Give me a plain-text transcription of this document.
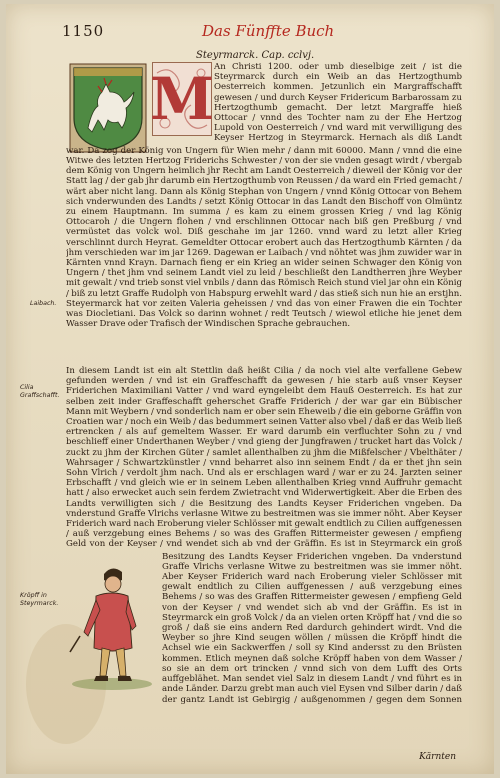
1150	Das Fünffte Buch
Steyrmarck. Cap. cclvj.
M An Christi 1200. oder umb dieselbige zeit / ist die Steyrmarck durch ein Weib an das Hertzogthumb Oesterreich kommen. Jetzunlich ein Margraffschafft gewesen / und durch Keyser Fridericum Barbarossam zu Hertzogthumb gemacht. Der letzt Margraffe hieß Ottocar / vnnd des Tochter nam zu der Ehe Hertzog Lupold von Oesterreich / vnd ward mit verwilligung des Keyser Hertzog in Steyrmarck. Hernach als diß Landt

war. Da zog der König von Ungern für Wien mehr / dann mit 60000. Mann / vnnd die eine Witwe des letzten Hertzog Friderichs Schwester / von der sie vnden gesagt wirdt / vbergab dem König von Ungern heimlich jhr Recht am Landt Oesterreich / dieweil der König vor der Statt lag / der gab jhr darumb ein Hertzogthumb von Reussen / da ward ein Fried gemacht / wärt aber nicht lang. Dann als König Stephan von Ungern / vnnd König Ottocar von Behem sich vnderwunden des Landts / setzt König Ottocar in das Landt den Bischoff von Olmüntz zu einem Hauptmann. Im summa / es kam zu einem grossen Krieg / vnd lag König Ottocaroh / die Ungern flohen / vnd erschlinnen Ottocar nach biß gen Preßburg / vnd vermüstet das volck wol. Diß geschahe im jar 1260. vnnd ward zu letzt aller Krieg verschlinnt durch Heyrat. Gemeldter Ottocar erobert auch das Hertzogthumb Kärnten / da jhm verschieden war im jar 1269. Dagewan er Laibach / vnd nöhtet was jhm zuwider war in Kärnten vnnd Krayn. Darnach fieng er ein Krieg an wider seinen Schwager den König von Ungern / thet jhm vnd seinem Landt viel zu leid / beschließt den Landtherren jhre Weyber mit gewalt / vnd trieb sonst viel vnbils / dann das Römisch Reich stund viel jar ohn ein König / biß zu letzt Graffe Rudolph von Habspurg erwehlt ward / das stieß sich nun hie an erstjhn. Steyermarck hat vor zeiten Valeria geheissen / vnd das von einer Frawen die ein Tochter was Diocletiani. Das Volck so darinn wohnet / redt Teutsch / wiewol etliche hie jenet dem Wasser Drave oder Trafisch der Windischen Sprache gebrauchen.

Laibach.

In diesem Landt ist ein alt Stettlin daß heißt Cilia / da noch viel alte verfallene Gebew gefunden werden / vnd ist ein Graffeschafft da gewesen / hie starb auß vnser Keyser Friderichen Maximiliani Vatter / vnd ward eyngeleibt dem Hauß Oesterreich. Es hat zur selben zeit inder Graffeschafft geherschet Graffe Friderich / der war gar ein Bübischer Mann mit Weybern / vnd sonderlich nam er ober sein Eheweib / die ein geborne Gräffin von Croatien war / noch ein Weib / das bedummert seinen Vatter also vbel / daß er das Weib ließ ertrencken / als auf gemeltem Wasser. Er ward darumb ein verfluchter Sohn zu / vnd beschlieff einer Underthanen Weyber / vnd gieng der Jungfrawen / trucket hart das Volck / zuckt zu jhm der Kirchen Güter / samlet allenthalben zu jhm die Mißfelscher / Vbelthäter / Wahrsager / Schwartzkünstler / vnnd beharret also inn seinem Endt / da er thet jhn sein Sohn Vlrich / verdolt jhm nach. Und als er erschlagen ward / war er zu 24. Jarzten seiner Erbschafft / vnd gleich wie er in seinem Leben allenthalben Krieg vnnd Auffruhr gemacht hatt / also erwecket auch sein ferdem Zwietracht vnd Widerwertigkeit. Aber die Erben des Landts verwilligten sich / die Besitzung des Landts Keyser Friderichen vngeben. Da vnderstund Graffe Vlrichs verlasne Witwe zu bestreitmen was sie immer nöht. Aber Keyser Friderich ward nach Eroberung vieler Schlösser mit gewalt endtlich zu Cilien auffgenessen / auß verzgebung eines Behems / so was des Graffen Rittermeister gewesen / empfieng Geld von der Keyser / vnd wendet sich ab vnd der Gräffin. Es ist in Steyrmarck ein groß

Cilia Graffschafft.

Besitzung des Landts Keyser Friderichen vngeben. Da vnderstund Graffe Vlrichs verlasne Witwe zu bestreitmen was sie immer nöht. Aber Keyser Friderich ward nach Eroberung vieler Schlösser mit gewalt endtlich zu Cilien auffgenessen / auß verzgebung eines Behems / so was des Graffen Rittermeister gewesen / empfieng Geld von der Keyser / vnd wendet sich ab vnd der Gräffin. Es ist in Steyrmarck ein groß Volck / da an vielen orten Kröpff hat / vnd die so groß / daß sie eins andern Red dardurch gehindert wirdt. Vnd die Weyber so jhre Kind seugen wöllen / müssen die Kröpff hindt die Achsel wie ein Sackwerffen / soll sy Kind andersst zu den Brüsten kommen. Etlich meynen daß solche Kröpff haben von dem Wasser / so sie an dem ort trincken / vnnd sich von dem Lufft des Orts auffgeblähet. Man sendet viel Salz in diesem Landt / vnd führt es in ande Länder. Darzu grebt man auch viel Eysen vnd Silber darin / daß der gantz Landt ist Gebirgig / außgenommen / gegen dem Sonnen

Kröpff in Steyrmarck.

Kärnten
